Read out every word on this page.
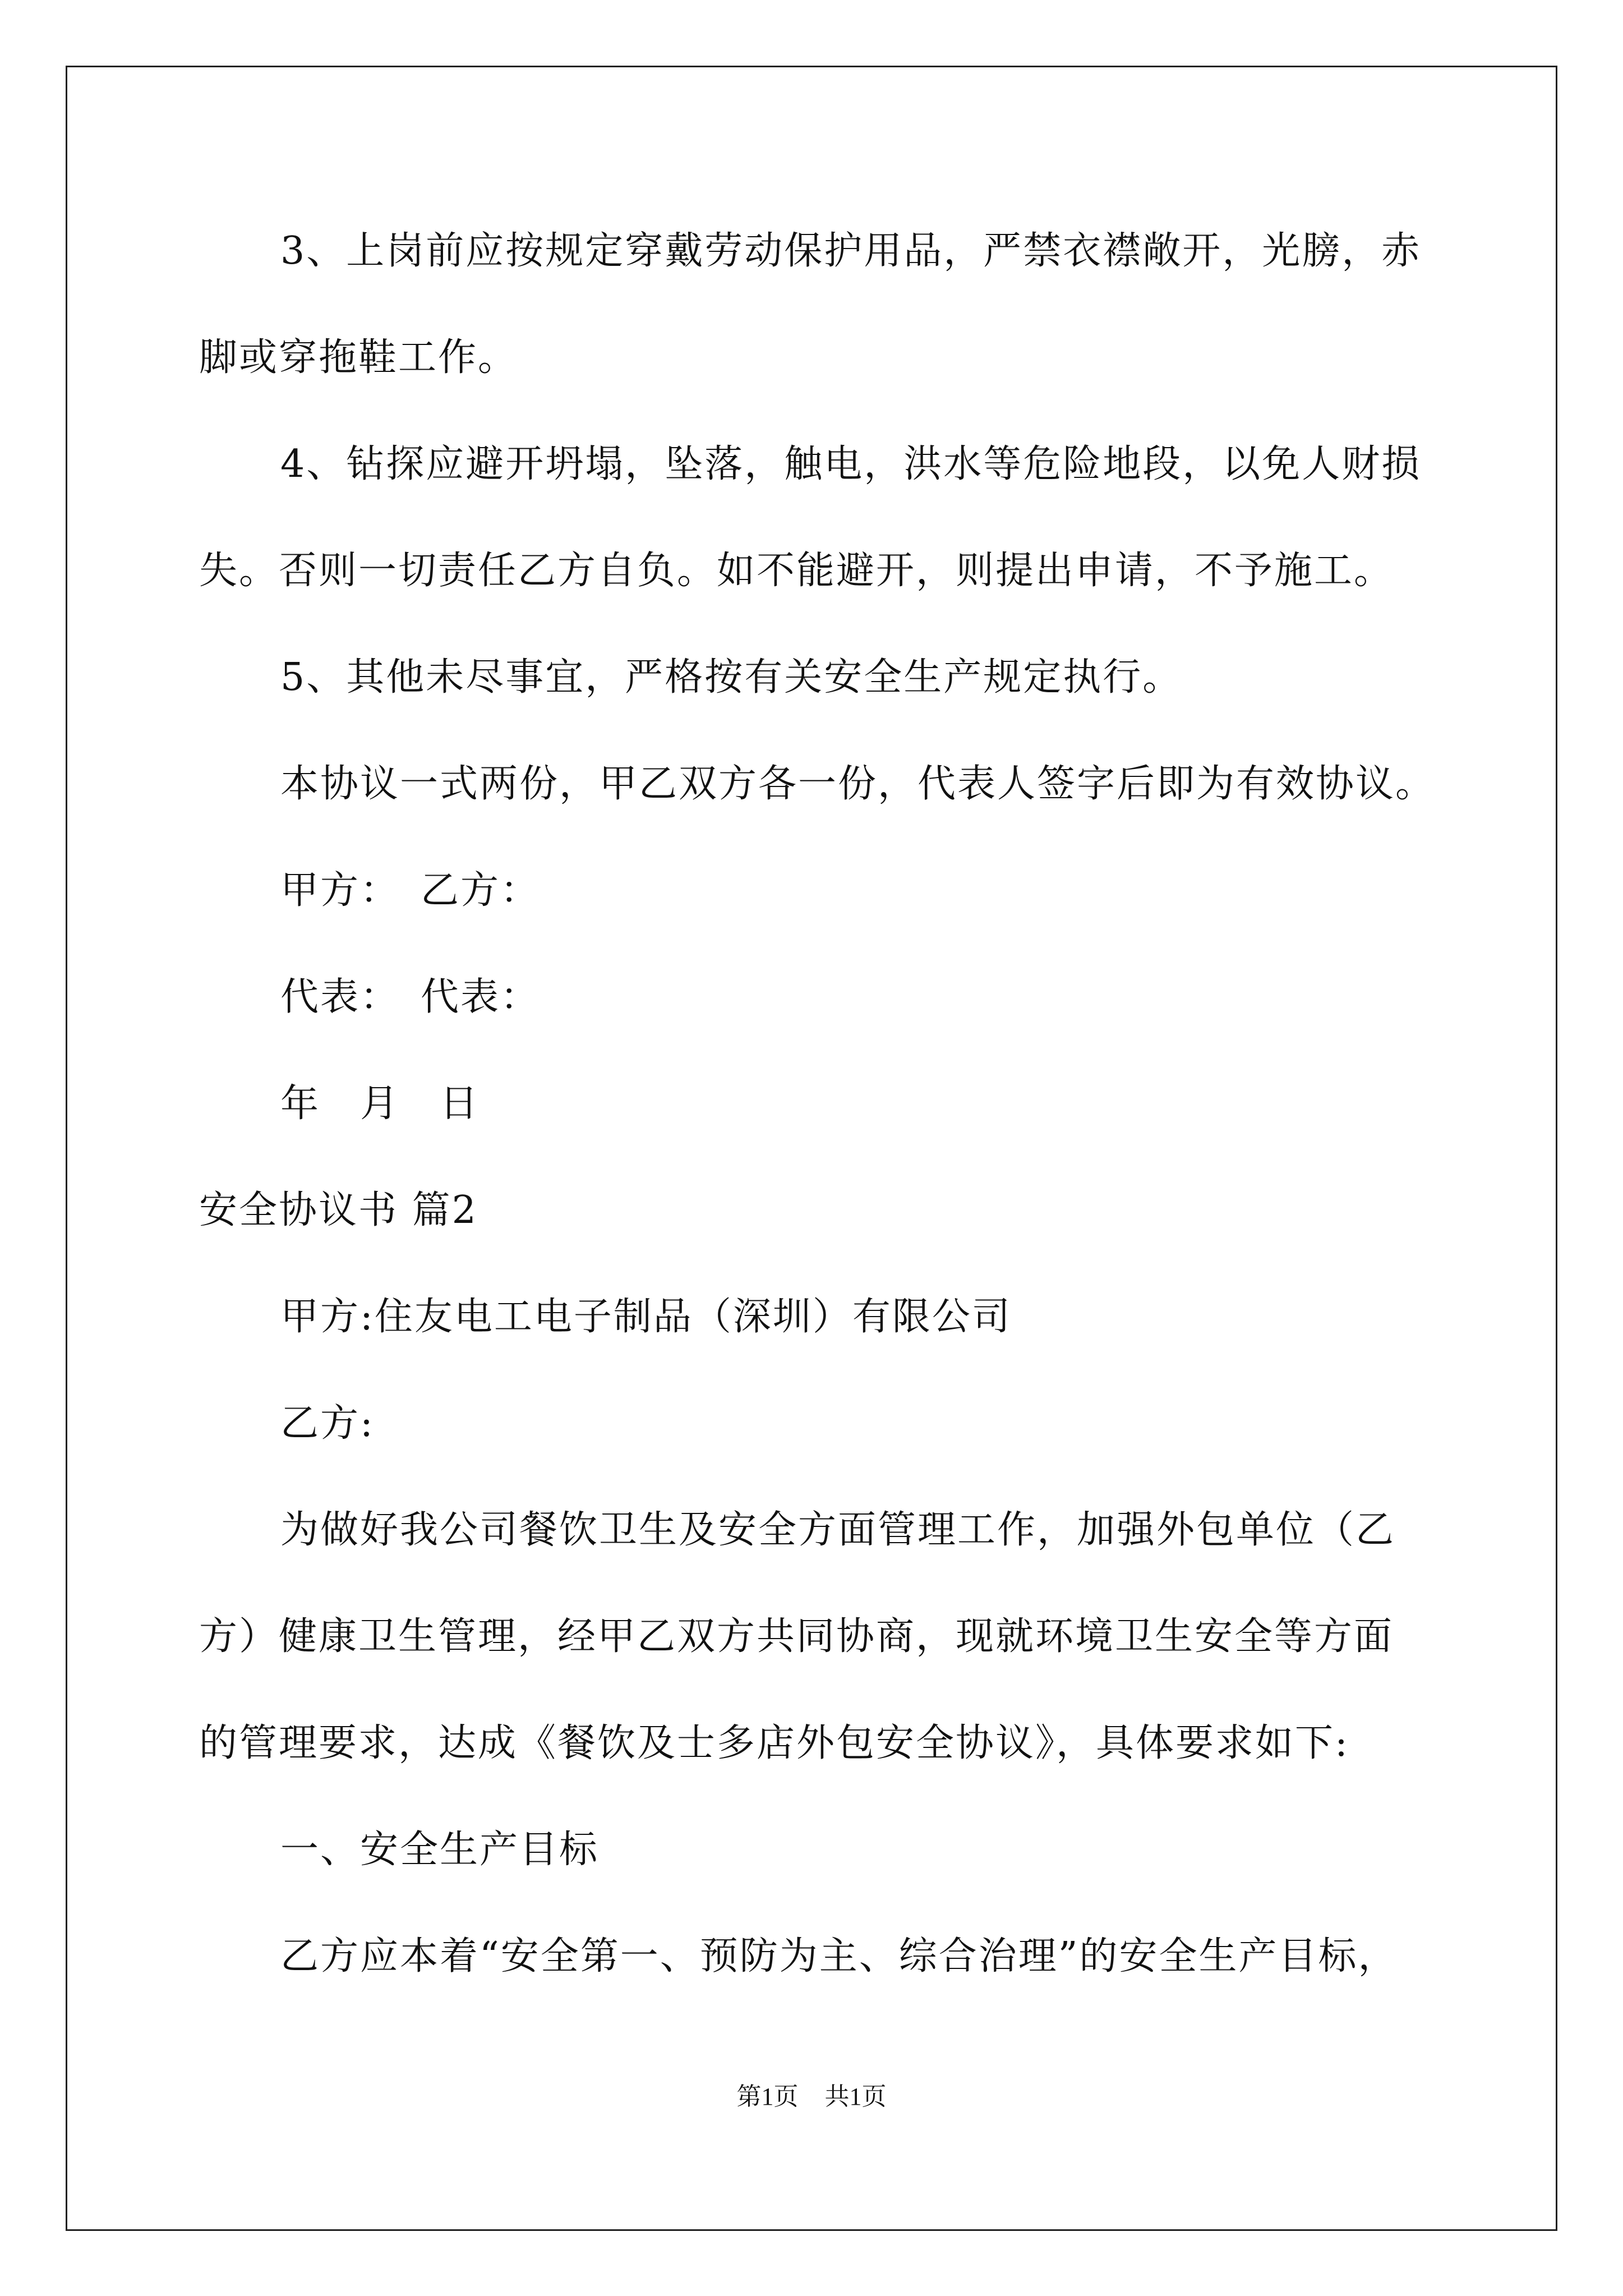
3、上岗前应按规定穿戴劳动保护用品，严禁衣襟敞开，光膀，赤
脚或穿拖鞋工作。
4、钻探应避开坍塌，坠落，触电，洪水等危险地段，以免人财损
失。否则一切责任乙方自负。如不能避开，则提出申请，不予施工。
5、其他未尽事宜，严格按有关安全生产规定执行。
本协议一式两份，甲乙双方各一份，代表人签字后即为有效协议。
甲方：　乙方：
代表：　代表：
年　月　日
安全协议书 篇2
甲方:住友电工电子制品（深圳）有限公司
乙方:
为做好我公司餐饮卫生及安全方面管理工作，加强外包单位（乙
方）健康卫生管理，经甲乙双方共同协商，现就环境卫生安全等方面
的管理要求，达成《餐饮及士多店外包安全协议》，具体要求如下:
一、安全生产目标
乙方应本着“安全第一、预防为主、综合治理”的安全生产目标，
第1页 共1页
